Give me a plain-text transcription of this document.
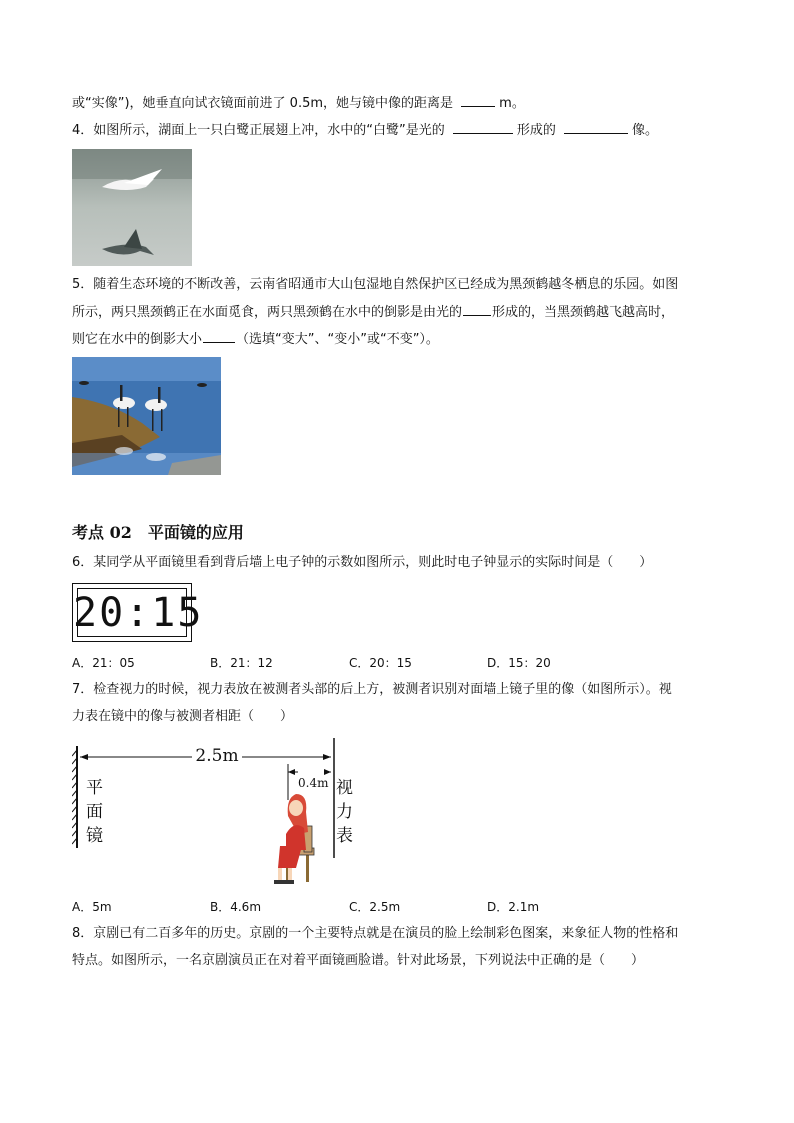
或“实像”)，她垂直向试衣镜面前进了 0.5m，她与镜中像的距离是	m。
4．如图所示，湖面上一只白鹭正展翅上冲，水中的“白鹭”是光的	形成的	像。
5．随着生态环境的不断改善，云南省昭通市大山包湿地自然保护区已经成为黑颈鹤越冬栖息的乐园。如图
所示，两只黑颈鹤正在水面觅食，两只黑颈鹤在水中的倒影是由光的 形成的，当黑颈鹤越飞越高时，
则它在水中的倒影大小	（选填“变大”、“变小”或“不变”）。
考点 02　平面镜的应用
6．某同学从平面镜里看到背后墙上电子钟的示数如图所示，则此时电子钟显示的实际时间是（　　）
20:15
A．21：05	B．21：12	C．20：15	D．15：20
7．检查视力的时候，视力表放在被测者头部的后上方，被测者识别对面墙上镜子里的像（如图所示）。视
力表在镜中的像与被测者相距（　　）
2.5m
0.4m
平
面
镜
视
力
表
A．5m	B．4.6m	C．2.5m	D．2.1m
8．京剧已有二百多年的历史。京剧的一个主要特点就是在演员的脸上绘制彩色图案，来象征人物的性格和
特点。如图所示，一名京剧演员正在对着平面镜画脸谱。针对此场景，下列说法中正确的是（　　）
